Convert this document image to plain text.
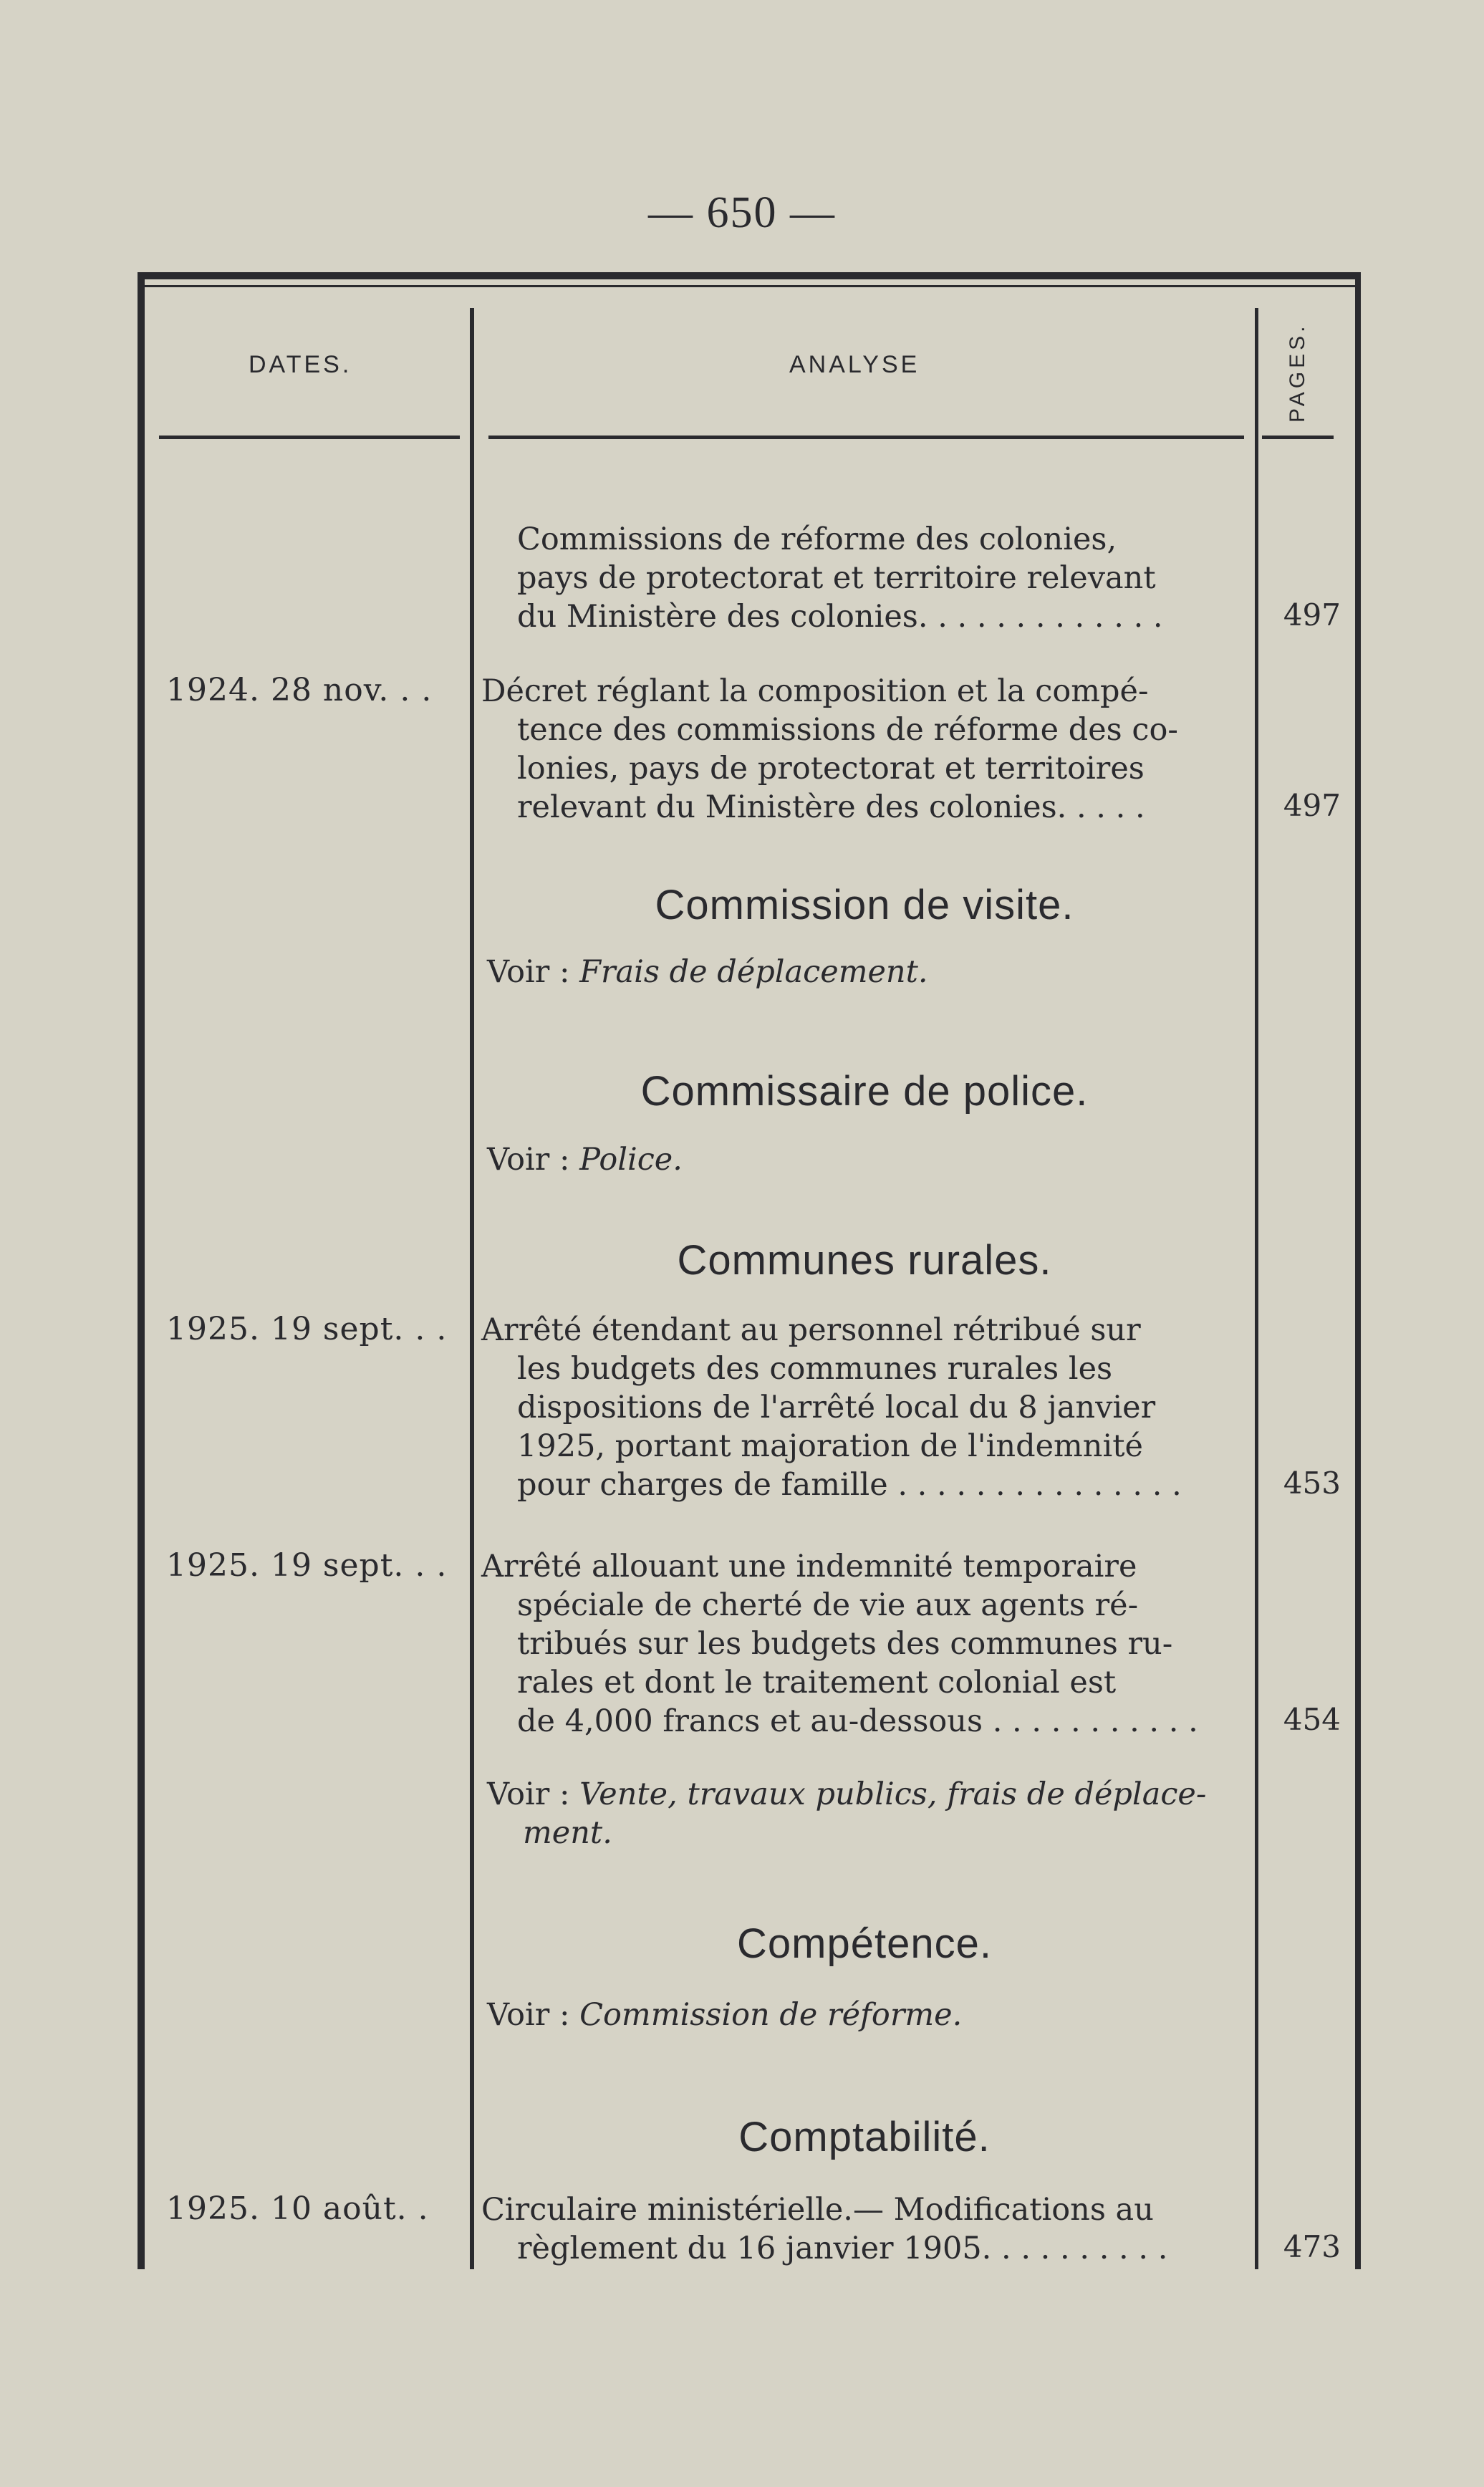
— 650 —
DATES.	ANALYSE	PAGES.
Commissions de réforme des colonies,
pays de protectorat et territoire relevant
du Ministère des colonies. . . . . . . . . . . . .	497
1924. 28 nov. . .	Décret réglant la composition et la compé-
tence des commissions de réforme des co-
lonies, pays de protectorat et territoires
relevant du Ministère des colonies. . . . .	497
Commission de visite.
Voir : Frais de déplacement.
Commissaire de police.
Voir : Police.
Communes rurales.
1925. 19 sept. . .	Arrêté étendant au personnel rétribué sur
les budgets des communes rurales les
dispositions de l'arrêté local du 8 janvier
1925, portant majoration de l'indemnité
pour charges de famille . . . . . . . . . . . . . . .	453
1925. 19 sept. . .	Arrêté allouant une indemnité temporaire
spéciale de cherté de vie aux agents ré-
tribués sur les budgets des communes ru-
rales et dont le traitement colonial est
de 4,000 francs et au-dessous . . . . . . . . . . .	454
Voir : Vente, travaux publics, frais de déplace-
ment.
Compétence.
Voir : Commission de réforme.
Comptabilité.
1925. 10 août. .	Circulaire ministérielle.— Modifications au
règlement du 16 janvier 1905. . . . . . . . . .	473
